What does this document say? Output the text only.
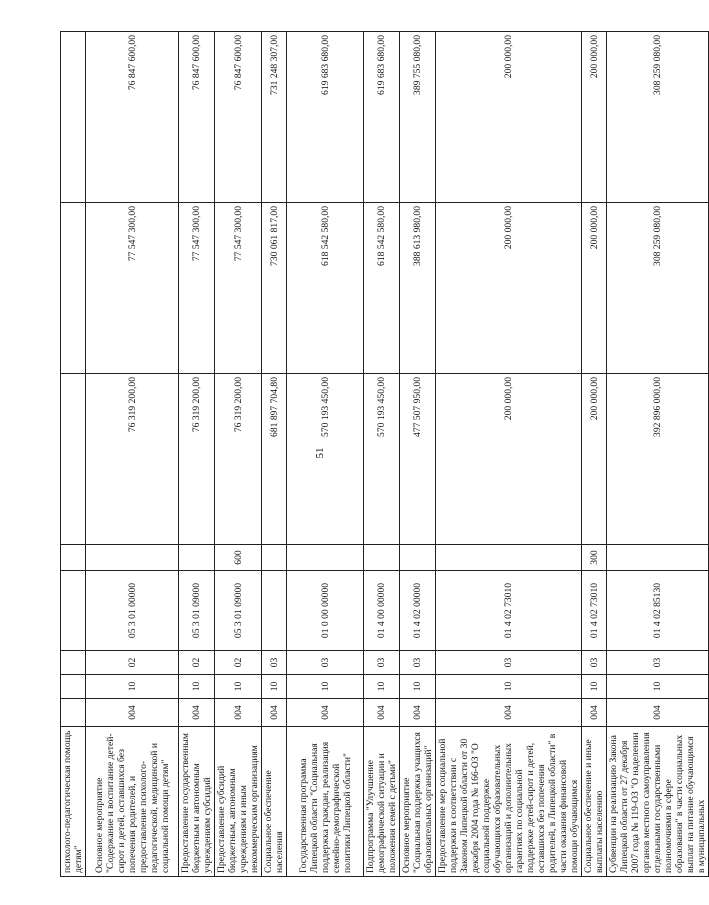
51
психолого-педагогическая помощь детям"								
Основное мероприятие "Содержание и воспитание детей-сирот и детей, оставшихся без попечения родителей, и предоставление психолого-педагогической, медицинской и социальной помощи детям"	004	10	02	05 3 01 00000		76 319 200,00	77 547 300,00	76 847 600,00
Предоставление государственным бюджетным и автономным учреждениям субсидий	004	10	02	05 3 01 09000		76 319 200,00	77 547 300,00	76 847 600,00
Предоставление субсидий бюджетным, автономным учреждениям и иным некоммерческим организациям	004	10	02	05 3 01 09000	600	76 319 200,00	77 547 300,00	76 847 600,00
Социальное обеспечение населения	004	10	03			681 897 704,80	730 061 817,00	731 248 307,00
Государственная программа Липецкой области "Социальная поддержка граждан, реализация семейно-демографической политики Липецкой области"	004	10	03	01 0 00 00000		570 193 450,00	618 542 580,00	619 683 680,00
Подпрограмма "Улучшение демографической ситуации и положения семей с детьми"	004	10	03	01 4 00 00000		570 193 450,00	618 542 580,00	619 683 680,00
Основное мероприятие "Социальная поддержка учащихся образовательных организаций"	004	10	03	01 4 02 00000		477 507 950,00	388 613 980,00	389 755 080,00
Предоставление мер социальной поддержки в соответствии с Законом Липецкой области от 30 декабря 2004 года № 166-ОЗ "О социальной поддержке обучающихся образовательных организаций и дополнительных гарантиях по социальной поддержке детей-сирот и детей, оставшихся без попечения родителей, в Липецкой области" в части оказания финансовой помощи обучающимся	004	10	03	01 4 02 73010		200 000,00	200 000,00	200 000,00
Социальное обеспечение и иные выплаты населению	004	10	03	01 4 02 73010	300	200 000,00	200 000,00	200 000,00
Субвенции на реализацию Закона Липецкой области от 27 декабря 2007 года № 119-ОЗ "О наделении органов местного самоуправления отдельными государственными полномочиями в сфере образования" в части социальных выплат на питание обучающимся в муниципальных	004	10	03	01 4 02 85130		392 896 000,00	308 259 080,00	308 259 080,00
